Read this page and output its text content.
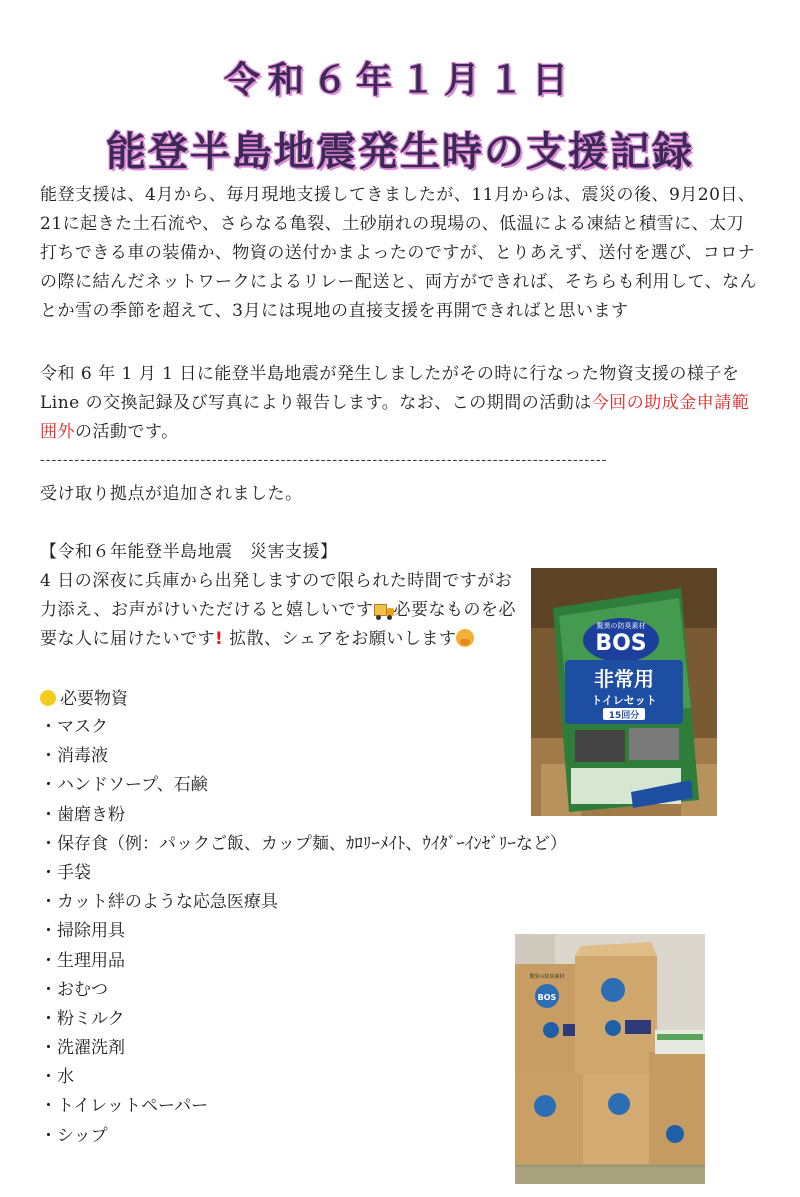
令和６年１月１日
能登半島地震発生時の支援記録
能登支援は、4月から、毎月現地支援してきましたが、11月からは、震災の後、9月20日、21に起きた土石流や、さらなる亀裂、土砂崩れの現場の、低温による凍結と積雪に、太刀打ちできる車の装備か、物資の送付かまよったのですが、とりあえず、送付を選び、コロナの際に結んだネットワークによるリレー配送と、両方ができれば、そちらも利用して、なんとか雪の季節を超えて、3月には現地の直接支援を再開できればと思います
令和 6 年 1 月 1 日に能登半島地震が発生しましたがその時に行なった物資支援の様子を Line の交換記録及び写真により報告します。なお、この期間の活動は今回の助成金申請範囲外の活動です。
---------------------------------------------------------------------------------------------------
受け取り拠点が追加されました。
【令和６年能登半島地震　災害支援】
4 日の深夜に兵庫から出発しますので限られた時間ですがお力添え、お声がけいただけると嬉しいです 必要なものを必要な人に届けたいです! 拡散、シェアをお願いします
必要物資
・マスク
・消毒液
・ハンドソープ、石鹸
・歯磨き粉
・保存食（例：パックご飯、カップ麺、ｶﾛﾘｰﾒｲﾄ、ｳｲﾀﾞｰｲﾝｾﾞﾘｰなど）
・手袋
・カット絆のような応急医療具
・掃除用具
・生理用品
・おむつ
・粉ミルク
・洗濯洗剤
・水
・トイレットペーパー
・シップ
BOS
驚異の防臭素材
非常用
トイレセット
15回分
BOS
驚異の防臭素材
